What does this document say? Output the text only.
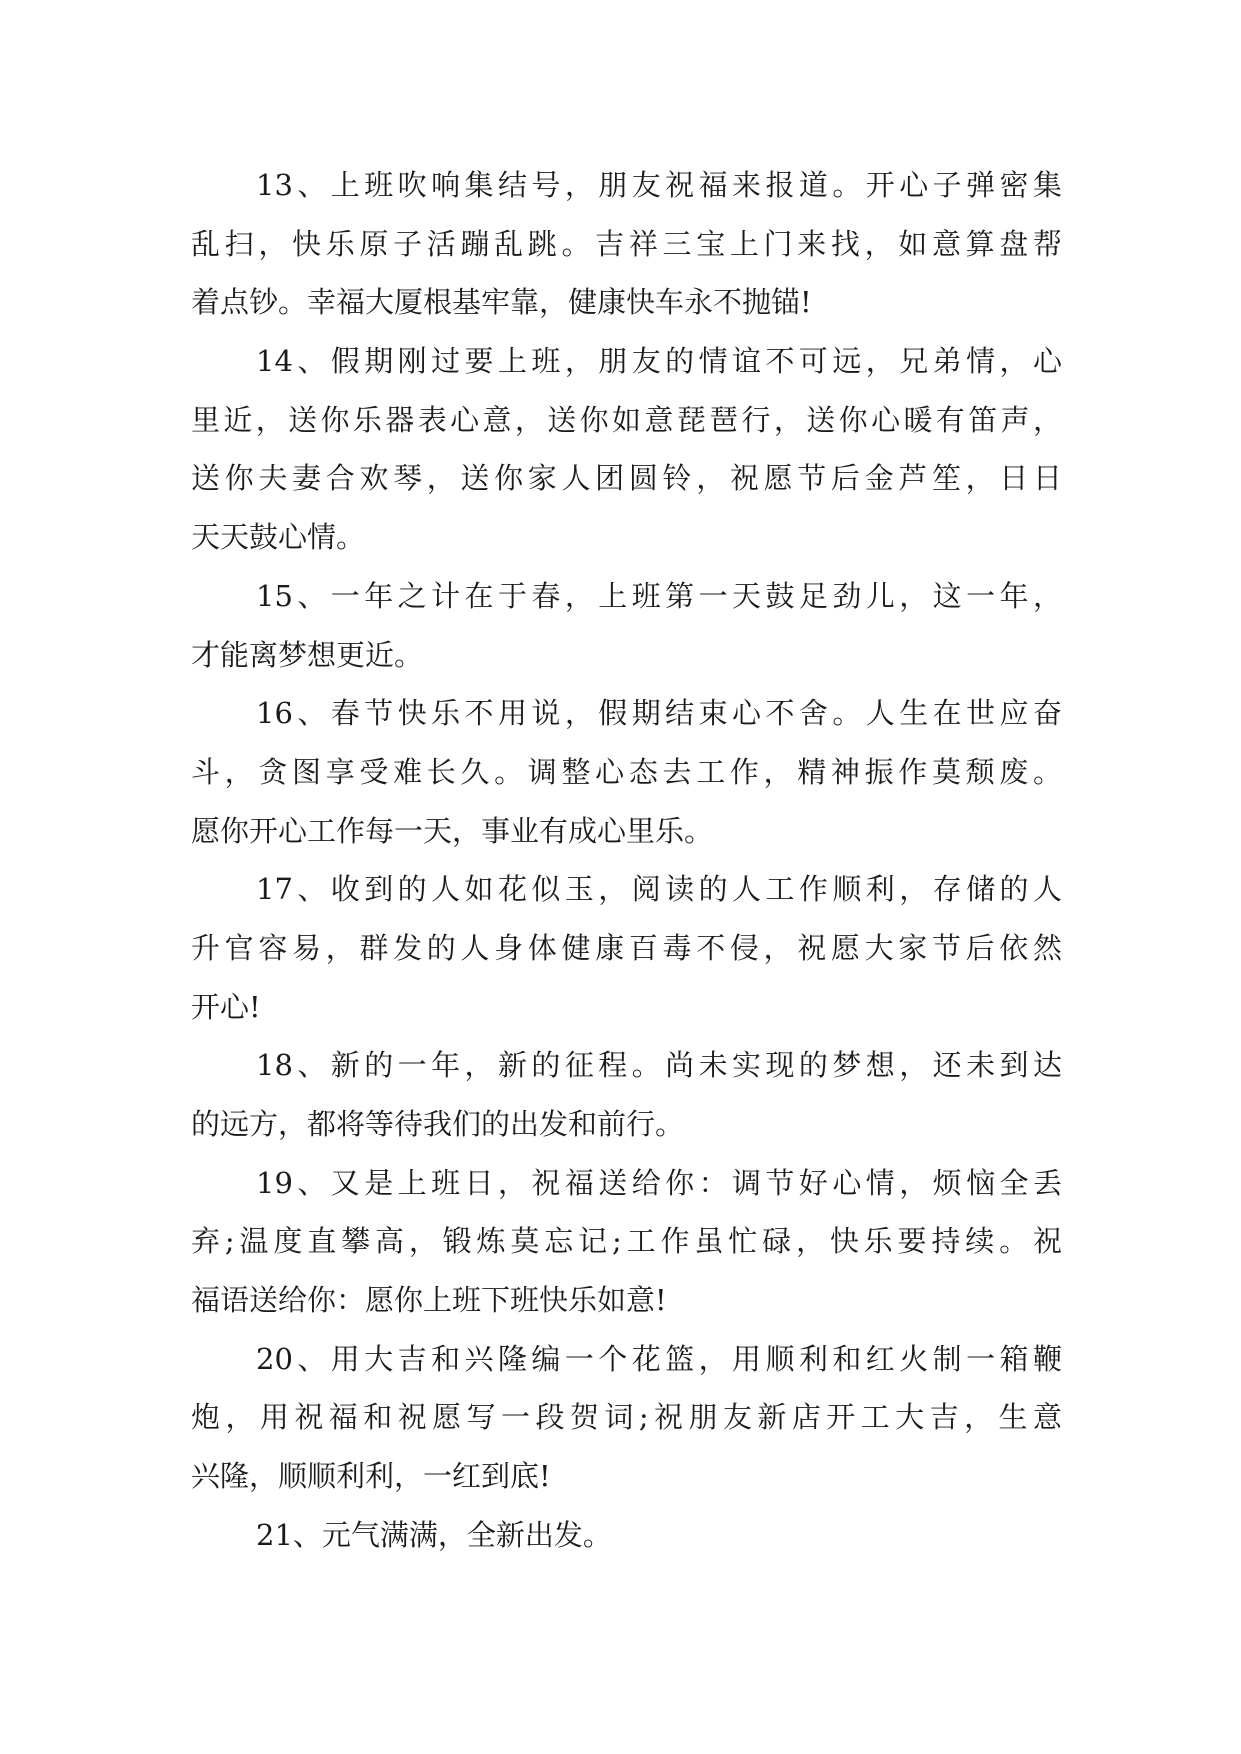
13、上班吹响集结号，朋友祝福来报道。开心子弹密集
乱扫，快乐原子活蹦乱跳。吉祥三宝上门来找，如意算盘帮
着点钞。幸福大厦根基牢靠，健康快车永不抛锚!
14、假期刚过要上班，朋友的情谊不可远，兄弟情，心
里近，送你乐器表心意，送你如意琵琶行，送你心暖有笛声，
送你夫妻合欢琴，送你家人团圆铃，祝愿节后金芦笙，日日
天天鼓心情。
15、一年之计在于春，上班第一天鼓足劲儿，这一年，
才能离梦想更近。
16、春节快乐不用说，假期结束心不舍。人生在世应奋
斗，贪图享受难长久。调整心态去工作，精神振作莫颓废。
愿你开心工作每一天，事业有成心里乐。
17、收到的人如花似玉，阅读的人工作顺利，存储的人
升官容易，群发的人身体健康百毒不侵，祝愿大家节后依然
开心!
18、新的一年，新的征程。尚未实现的梦想，还未到达
的远方，都将等待我们的出发和前行。
19、又是上班日，祝福送给你：调节好心情，烦恼全丢
弃;温度直攀高，锻炼莫忘记;工作虽忙碌，快乐要持续。祝
福语送给你：愿你上班下班快乐如意!
20、用大吉和兴隆编一个花篮，用顺利和红火制一箱鞭
炮，用祝福和祝愿写一段贺词;祝朋友新店开工大吉，生意
兴隆，顺顺利利，一红到底!
21、元气满满，全新出发。
